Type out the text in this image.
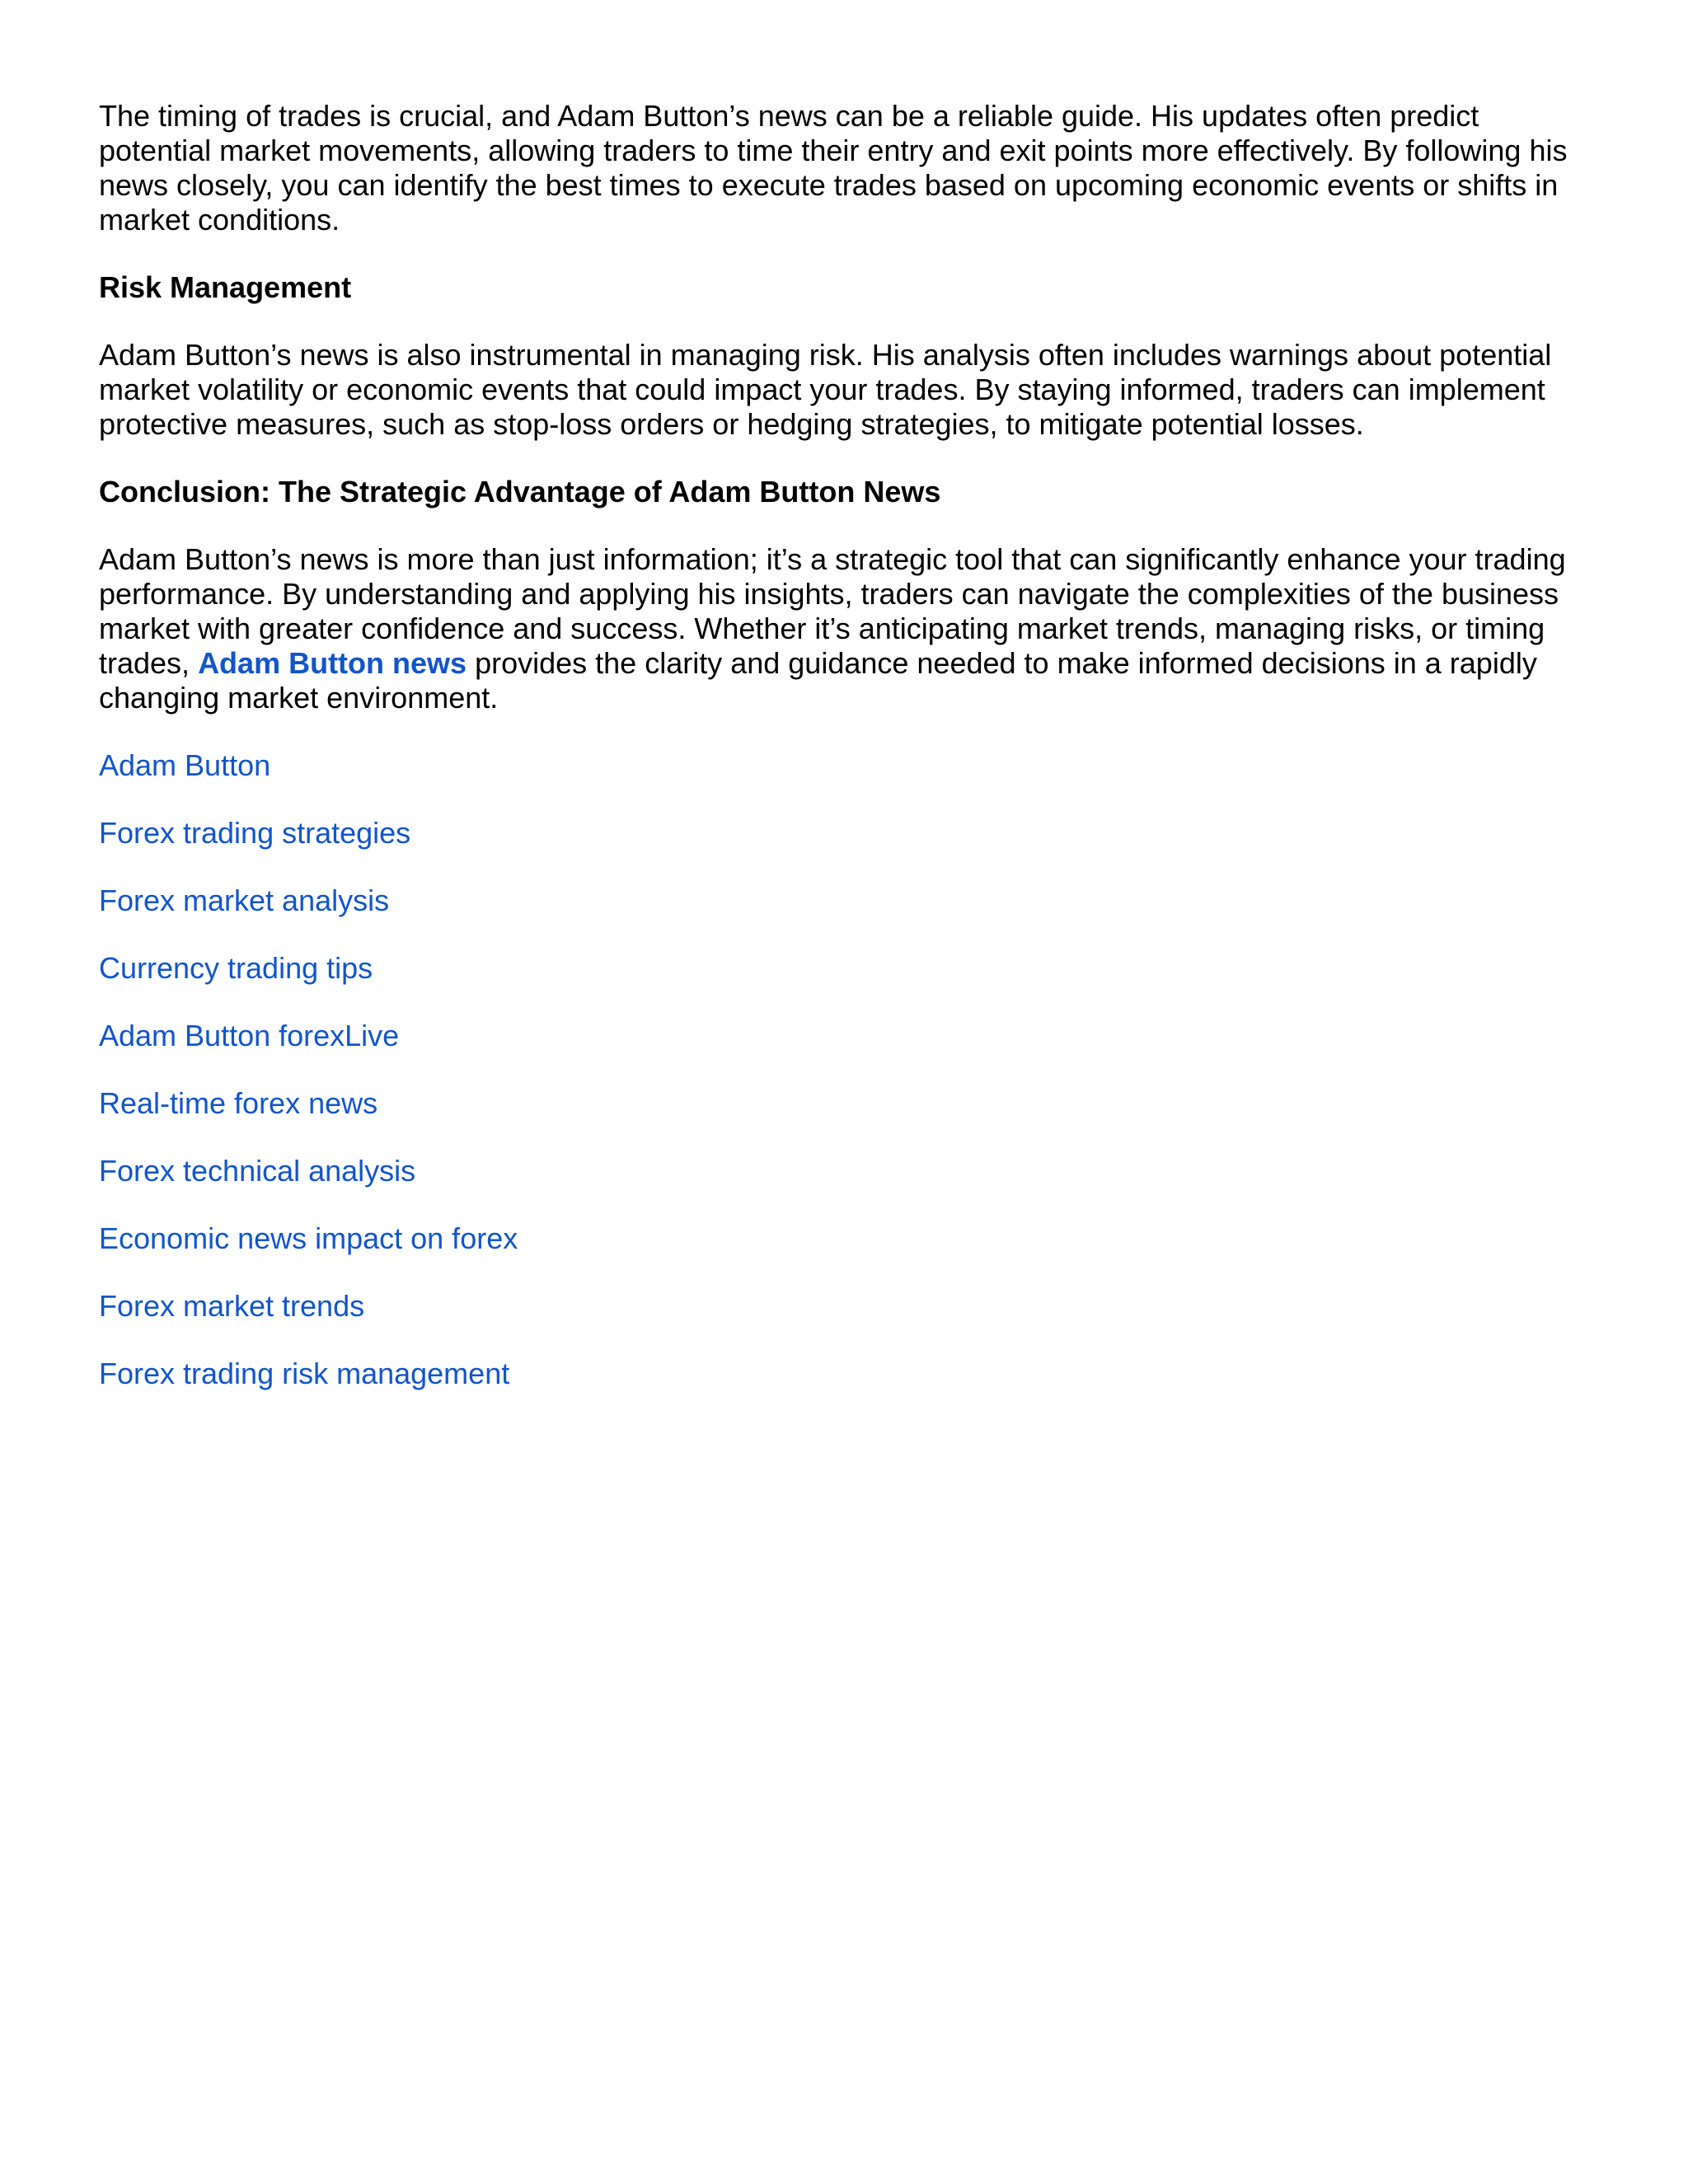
The timing of trades is crucial, and Adam Button’s news can be a reliable guide. His updates often predict potential market movements, allowing traders to time their entry and exit points more effectively. By following his news closely, you can identify the best times to execute trades based on upcoming economic events or shifts in market conditions.

Risk Management

Adam Button’s news is also instrumental in managing risk. His analysis often includes warnings about potential market volatility or economic events that could impact your trades. By staying informed, traders can implement protective measures, such as stop-loss orders or hedging strategies, to mitigate potential losses.

Conclusion: The Strategic Advantage of Adam Button News

Adam Button’s news is more than just information; it’s a strategic tool that can significantly enhance your trading performance. By understanding and applying his insights, traders can navigate the complexities of the business market with greater confidence and success. Whether it’s anticipating market trends, managing risks, or timing trades, Adam Button news provides the clarity and guidance needed to make informed decisions in a rapidly changing market environment.

Adam Button
Forex trading strategies
Forex market analysis
Currency trading tips
Adam Button forexLive
Real-time forex news
Forex technical analysis
Economic news impact on forex
Forex market trends
Forex trading risk management
